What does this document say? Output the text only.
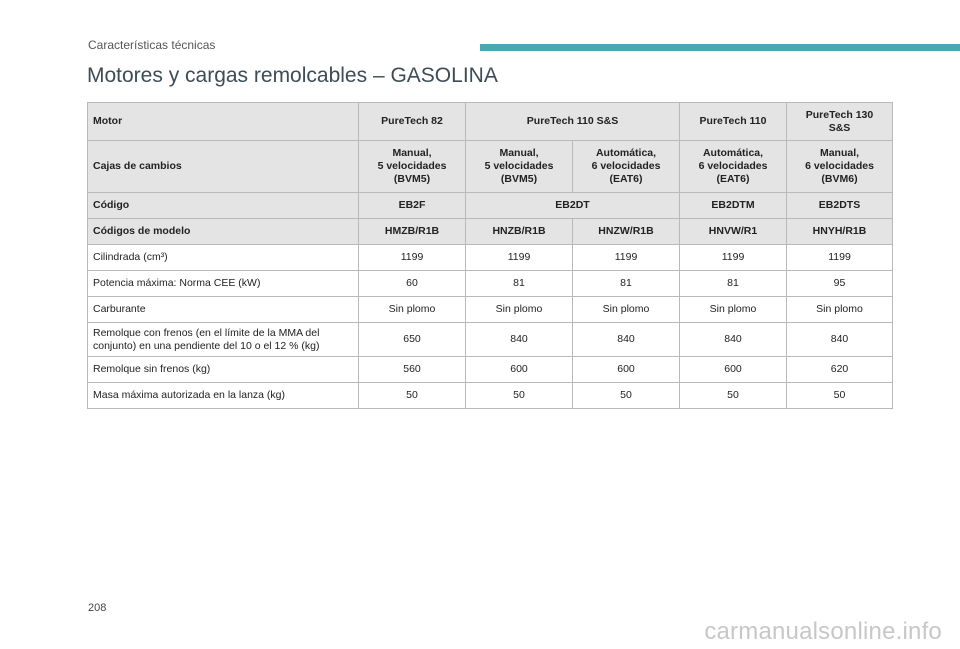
Características técnicas
Motores y cargas remolcables – GASOLINA
Motor	PureTech 82	PureTech 110 S&S		PureTech 110	PureTech 130
S&S

Cajas de cambios	Manual,
5 velocidades
(BVM5)	Manual,
5 velocidades
(BVM5)	Automática,
6 velocidades
(EAT6)	Automática,
6 velocidades
(EAT6)	Manual,
6 velocidades
(BVM6)

Código	EB2F	EB2DT		EB2DTM	EB2DTS
Códigos de modelo	HMZB/R1B	HNZB/R1B	HNZW/R1B	HNVW/R1	HNYH/R1B
Cilindrada (cm³)	1199	1199	1199	1199	1199
Potencia máxima: Norma CEE (kW)	60	81	81	81	95
Carburante	Sin plomo	Sin plomo	Sin plomo	Sin plomo	Sin plomo
Remolque con frenos (en el límite de la MMA del conjunto) en una pendiente del 10 o el 12 % (kg)	650	840	840	840	840
Remolque sin frenos (kg)	560	600	600	600	620
Masa máxima autorizada en la lanza (kg)	50	50	50	50	50
208
carmanualsonline.info
